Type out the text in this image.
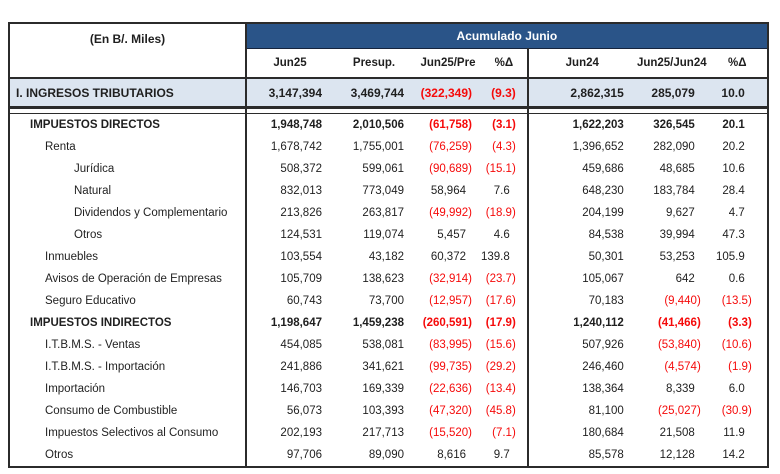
(En B/. Miles)	Acumulado Junio						
	Jun25	Presup.	Jun25/Pre	%Δ	Jun24	Jun25/Jun24	%Δ
I. INGRESOS TRIBUTARIOS	3,147,394	3,469,744	(322,349)	(9.3)	2,862,315	285,079	10.0

IMPUESTOS DIRECTOS	1,948,748	2,010,506	(61,758)	(3.1)	1,622,203	326,545	20.1
Renta	1,678,742	1,755,001	(76,259)	(4.3)	1,396,652	282,090	20.2
Jurídica	508,372	599,061	(90,689)	(15.1)	459,686	48,685	10.6
Natural	832,013	773,049	58,964	7.6	648,230	183,784	28.4
Dividendos y Complementario	213,826	263,817	(49,992)	(18.9)	204,199	9,627	4.7
Otros	124,531	119,074	5,457	4.6	84,538	39,994	47.3
Inmuebles	103,554	43,182	60,372	139.8	50,301	53,253	105.9
Avisos de Operación de Empresas	105,709	138,623	(32,914)	(23.7)	105,067	642	0.6
Seguro Educativo	60,743	73,700	(12,957)	(17.6)	70,183	(9,440)	(13.5)
IMPUESTOS INDIRECTOS	1,198,647	1,459,238	(260,591)	(17.9)	1,240,112	(41,466)	(3.3)
I.T.B.M.S. - Ventas	454,085	538,081	(83,995)	(15.6)	507,926	(53,840)	(10.6)
I.T.B.M.S. - Importación	241,886	341,621	(99,735)	(29.2)	246,460	(4,574)	(1.9)
Importación	146,703	169,339	(22,636)	(13.4)	138,364	8,339	6.0
Consumo de Combustible	56,073	103,393	(47,320)	(45.8)	81,100	(25,027)	(30.9)
Impuestos Selectivos al Consumo	202,193	217,713	(15,520)	(7.1)	180,684	21,508	11.9
Otros	97,706	89,090	8,616	9.7	85,578	12,128	14.2
